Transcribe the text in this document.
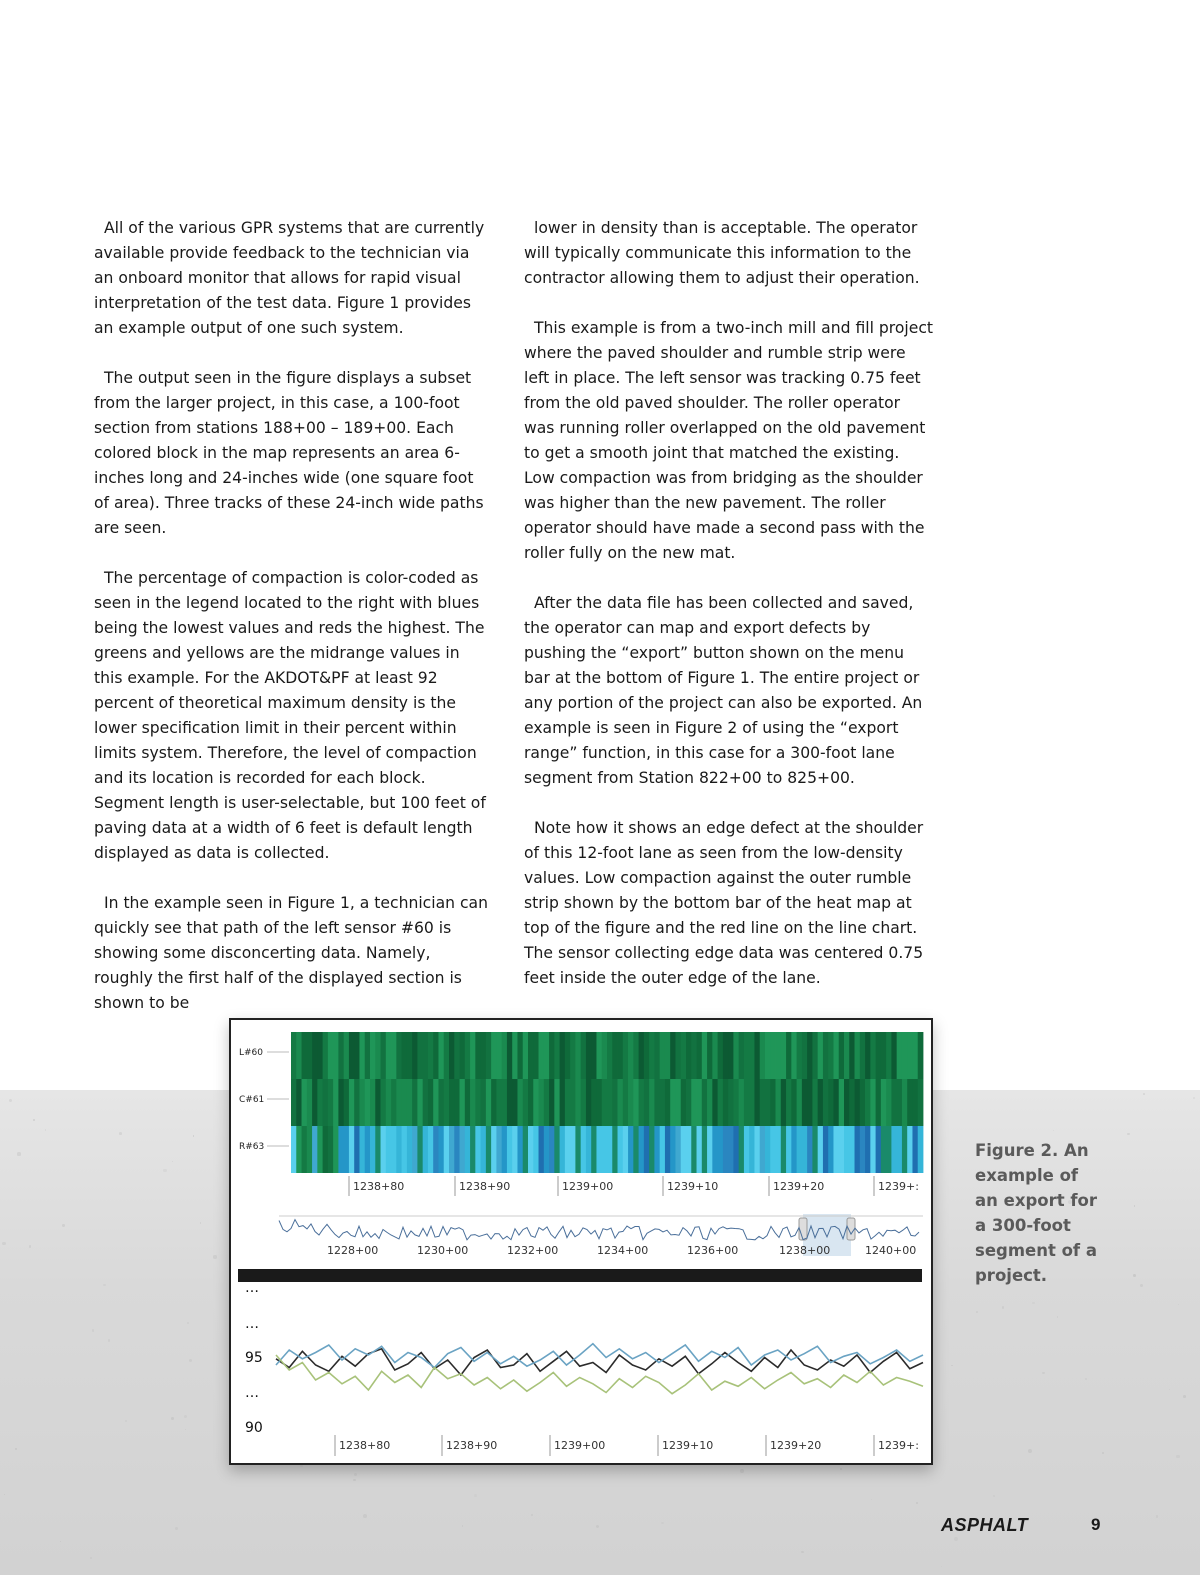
All of the various GPR systems that are currently available provide feedback to the technician via an onboard monitor that allows for rapid visual interpretation of the test data. Figure 1 provides an example output of one such system.

The output seen in the figure displays a subset from the larger project, in this case, a 100-foot section from stations 188+00 – 189+00. Each colored block in the map represents an area 6-inches long and 24-inches wide (one square foot of area). Three tracks of these 24-inch wide paths are seen.

The percentage of compaction is color-coded as seen in the legend located to the right with blues being the lowest values and reds the highest. The greens and yellows are the midrange values in this example. For the AKDOT&PF at least 92 percent of theoretical maximum density is the lower specification limit in their percent within limits system. Therefore, the level of compaction and its location is recorded for each block. Segment length is user-selectable, but 100 feet of paving data at a width of 6 feet is default length displayed as data is collected.

In the example seen in Figure 1, a technician can quickly see that path of the left sensor #60 is showing some disconcerting data. Namely, roughly the first half of the displayed section is shown to be

lower in density than is acceptable. The operator will typically communicate this information to the contractor allowing them to adjust their operation.

This example is from a two-inch mill and fill project where the paved shoulder and rumble strip were left in place. The left sensor was tracking 0.75 feet from the old paved shoulder. The roller operator was running roller overlapped on the old pavement to get a smooth joint that matched the existing. Low compaction was from bridging as the shoulder was higher than the new pavement. The roller operator should have made a second pass with the roller fully on the new mat.

After the data file has been collected and saved, the operator can map and export defects by pushing the “export” button shown on the menu bar at the bottom of Figure 1. The entire project or any portion of the project can also be exported. An example is seen in Figure 2 of using the “export range” function, in this case for a 300-foot lane segment from Station 822+00 to 825+00.

Note how it shows an edge defect at the shoulder of this 12-foot lane as seen from the low-density values. Low compaction against the outer rumble strip shown by the bottom bar of the heat map at top of the figure and the red line on the line chart. The sensor collecting edge data was centered 0.75 feet inside the outer edge of the lane.

L#60
C#61
R#63
1238+80	1238+90	1239+00	1239+10	1239+20	1239+:
1228+00	1230+00	1232+00	1234+00	1236+00	1238+00	1240+00
…
…
95
…
90
1238+80	1238+90	1239+00	1239+10	1239+20	1239+:
Figure 2. An example of an export for a 300-foot segment of a project.
ASPHALT	9
